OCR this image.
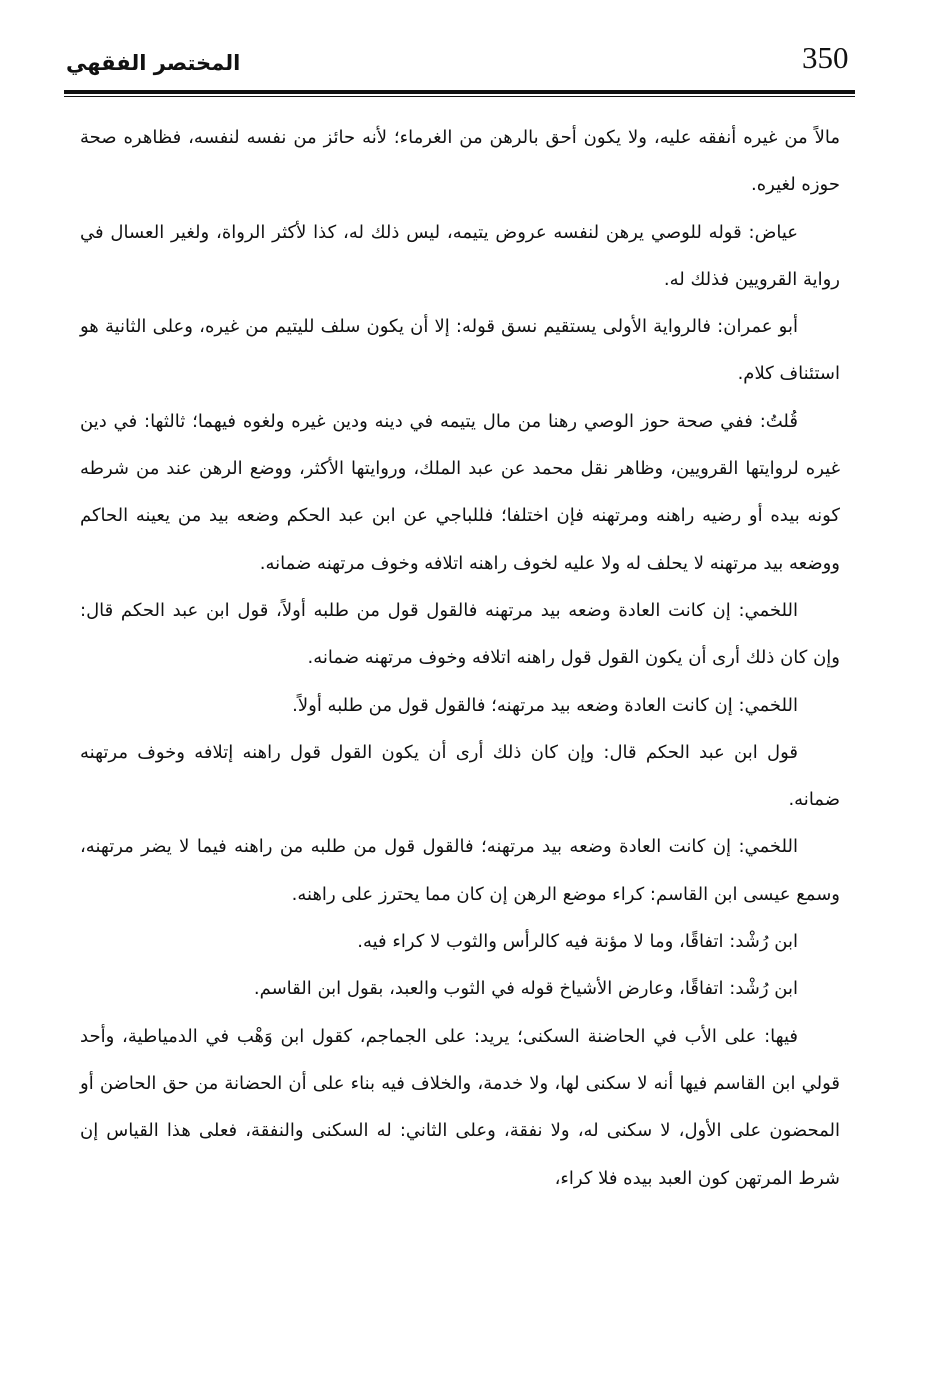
350
المختصر الفقهي

مالاً من غيره أنفقه عليه، ولا يكون أحق بالرهن من الغرماء؛ لأنه حائز من نفسه لنفسه، فظاهره صحة حوزه لغيره.

عياض: قوله للوصي يرهن لنفسه عروض يتيمه، ليس ذلك له، كذا لأكثر الرواة، ولغير العسال في رواية القرويين فذلك له.

أبو عمران: فالرواية الأولى يستقيم نسق قوله: إلا أن يكون سلف لليتيم من غيره، وعلى الثانية هو استئناف كلام.

قُلتُ: ففي صحة حوز الوصي رهنا من مال يتيمه في دينه ودين غيره ولغوه فيهما؛ ثالثها: في دين غيره لروايتها القرويين، وظاهر نقل محمد عن عبد الملك، وروايتها الأكثر، ووضع الرهن عند من شرطه كونه بيده أو رضيه راهنه ومرتهنه فإن اختلفا؛ فللباجي عن ابن عبد الحكم وضعه بيد من يعينه الحاكم ووضعه بيد مرتهنه لا يحلف له ولا عليه لخوف راهنه اتلافه وخوف مرتهنه ضمانه.

اللخمي: إن كانت العادة وضعه بيد مرتهنه فالقول قول من طلبه أولاً، قول ابن عبد الحكم قال: وإن كان ذلك أرى أن يكون القول قول راهنه اتلافه وخوف مرتهنه ضمانه.

اللخمي: إن كانت العادة وضعه بيد مرتهنه؛ فالقول قول من طلبه أولاً.

قول ابن عبد الحكم قال: وإن كان ذلك أرى أن يكون القول قول راهنه إتلافه وخوف مرتهنه ضمانه.

اللخمي: إن كانت العادة وضعه بيد مرتهنه؛ فالقول قول من طلبه من راهنه فيما لا يضر مرتهنه، وسمع عيسى ابن القاسم: كراء موضع الرهن إن كان مما يحترز على راهنه.

ابن رُشْد: اتفاقًا، وما لا مؤنة فيه كالرأس والثوب لا كراء فيه.

ابن رُشْد: اتفاقًا، وعارض الأشياخ قوله في الثوب والعبد، بقول ابن القاسم.

فيها: على الأب في الحاضنة السكنى؛ يريد: على الجماجم، كقول ابن وَهْب في الدمياطية، وأحد قولي ابن القاسم فيها أنه لا سكنى لها، ولا خدمة، والخلاف فيه بناء على أن الحضانة من حق الحاضن أو المحضون على الأول، لا سكنى له، ولا نفقة، وعلى الثاني: له السكنى والنفقة، فعلى هذا القياس إن شرط المرتهن كون العبد بيده فلا كراء،
